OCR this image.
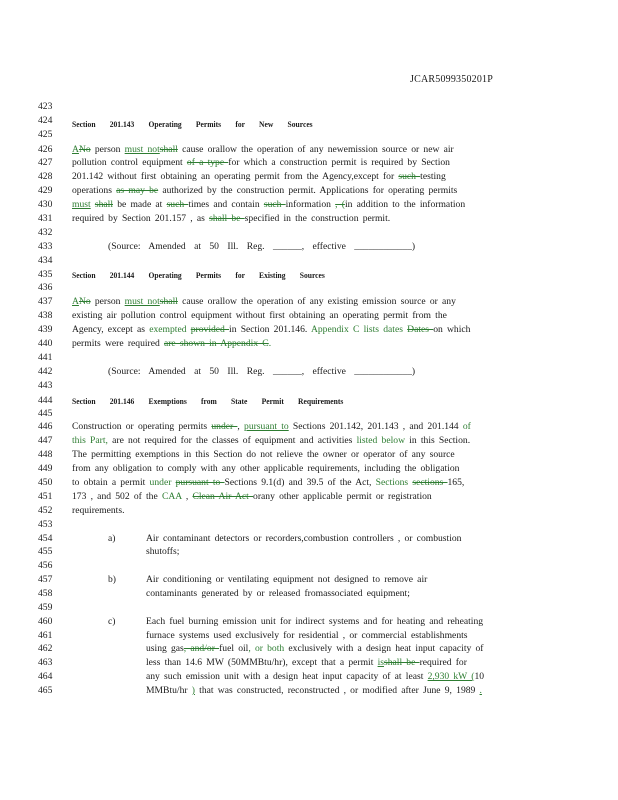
JCAR5099350201P
423
424
425
426
427
428
429
430
431
432
433
434
435
436
437
438
439
440
441
442
443
444
445
446
447
448
449
450
451
452
453
454
455
456
457
458
459
460
461
462
463
464
465
Section 201.143 Operating Permits for New Sources
ANo person must notshall cause orallow the operation of any newemission source or new air
pollution control equipment of a type for which a construction permit is required by Section
201.142 without first obtaining an operating permit from the Agency,except for such testing
operations as may be authorized by the construction permit. Applications for operating permits
must shall be made at such times and contain such information , (in addition to the information
required by Section 201.157 , as shall be specified in the construction permit.
(Source: Amended at 50 Ill. Reg. ______, effective ____________)
Section 201.144 Operating Permits for Existing Sources
ANo person must notshall cause orallow the operation of any existing emission source or any
existing air pollution control equipment without first obtaining an operating permit from the
Agency, except as exempted provided in Section 201.146. Appendix C lists dates Dates on which
permits were required are shown in Appendix C.
(Source: Amended at 50 Ill. Reg. ______, effective ____________)
Section 201.146 Exemptions from State Permit Requirements
Construction or operating permits under , pursuant to Sections 201.142, 201.143 , and 201.144 of
this Part, are not required for the classes of equipment and activities listed below in this Section.
The permitting exemptions in this Section do not relieve the owner or operator of any source
from any obligation to comply with any other applicable requirements, including the obligation
to obtain a permit under pursuant to Sections 9.1(d) and 39.5 of the Act, Sections sections 165,
173 , and 502 of the CAA , Clean Air Act orany other applicable permit or registration
requirements.
a)	Air contaminant detectors or recorders,combustion controllers , or combustion
shutoffs;
b)	Air conditioning or ventilating equipment not designed to remove air
contaminants generated by or released fromassociated equipment;
c)	Each fuel burning emission unit for indirect systems and for heating and reheating
furnace systems used exclusively for residential , or commercial establishments
using gas, and/or fuel oil, or both exclusively with a design heat input capacity of
less than 14.6 MW (50MMBtu/hr), except that a permit isshall be required for
any such emission unit with a design heat input capacity of at least 2,930 kW (10
MMBtu/hr ) that was constructed, reconstructed , or modified after June 9, 1989 .
